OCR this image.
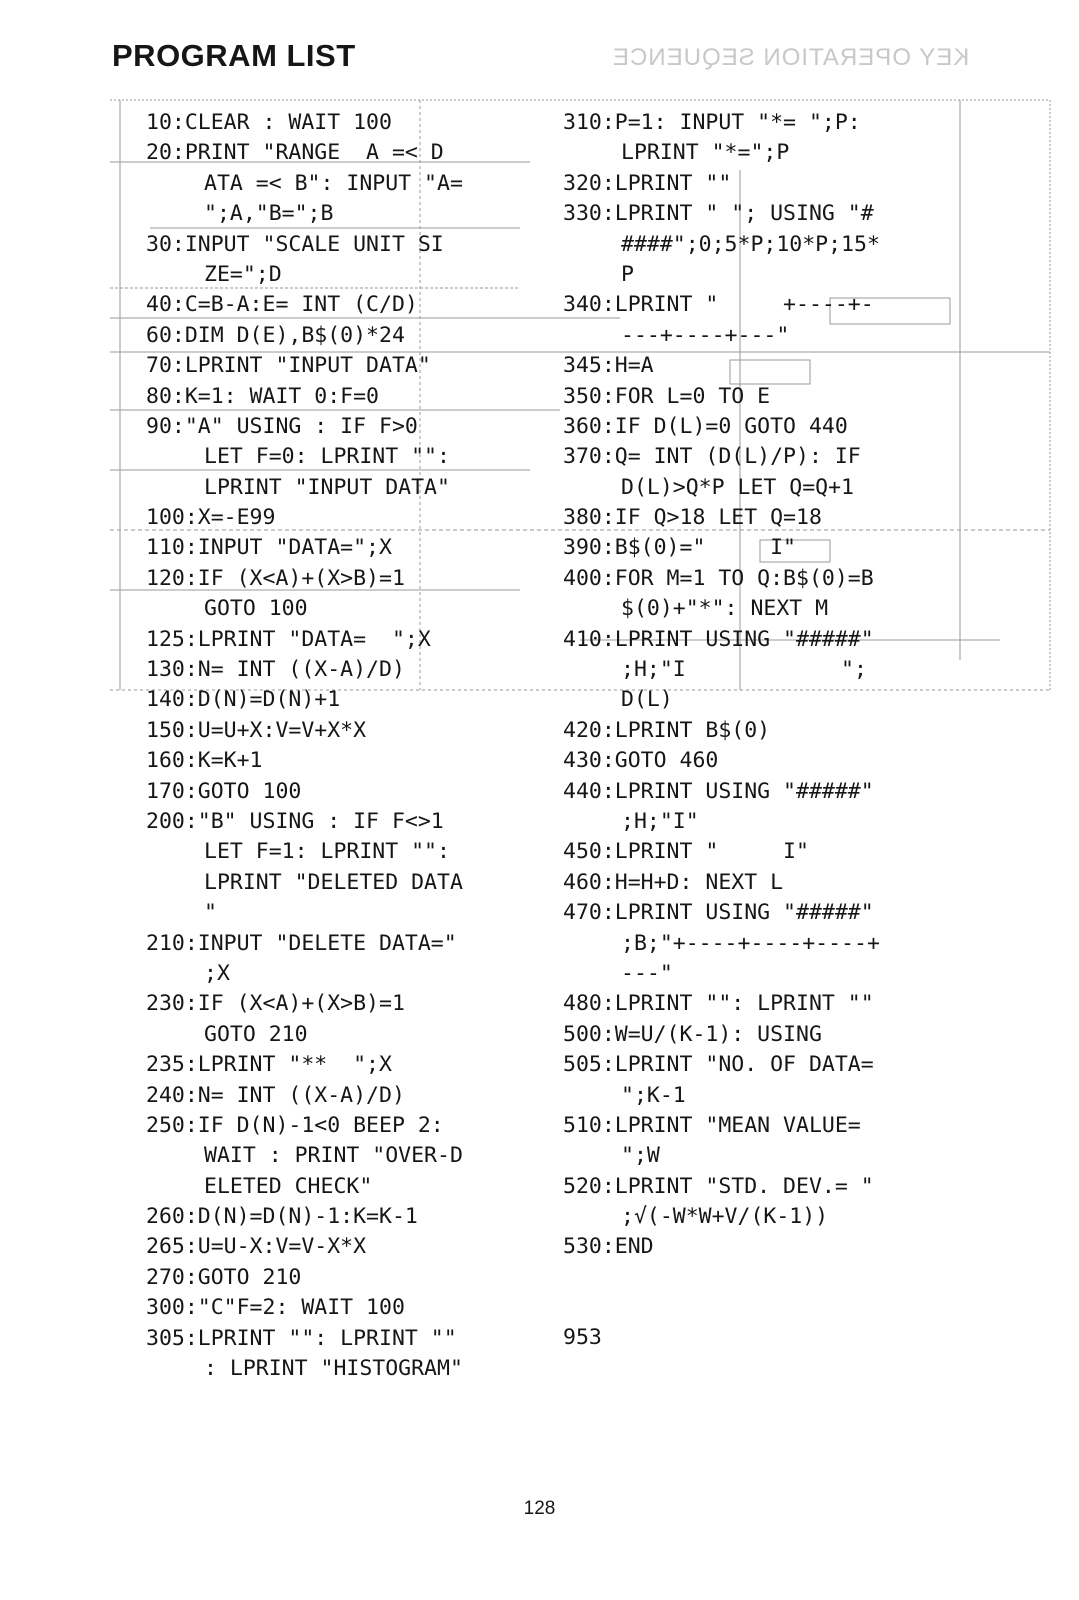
PROGRAM LIST	KEY OPERATION SEQUENCE
10:CLEAR : WAIT 100
20:PRINT "RANGE  A =< D
ATA =< B": INPUT "A=
";A,"B=";B
30:INPUT "SCALE UNIT SI
ZE=";D
40:C=B-A:E= INT (C/D)
60:DIM D(E),B$(0)*24
70:LPRINT "INPUT DATA"
80:K=1: WAIT 0:F=0
90:"A" USING : IF F>0
LET F=0: LPRINT "":
LPRINT "INPUT DATA"
100:X=-E99
110:INPUT "DATA=";X
120:IF (X<A)+(X>B)=1
GOTO 100
125:LPRINT "DATA=  ";X
130:N= INT ((X-A)/D)
140:D(N)=D(N)+1
150:U=U+X:V=V+X*X
160:K=K+1
170:GOTO 100
200:"B" USING : IF F<>1
LET F=1: LPRINT "":
LPRINT "DELETED DATA
"
210:INPUT "DELETE DATA="
;X
230:IF (X<A)+(X>B)=1
GOTO 210
235:LPRINT "**  ";X
240:N= INT ((X-A)/D)
250:IF D(N)-1<0 BEEP 2:
WAIT : PRINT "OVER-D
ELETED CHECK"
260:D(N)=D(N)-1:K=K-1
265:U=U-X:V=V-X*X
270:GOTO 210
300:"C"F=2: WAIT 100
305:LPRINT "": LPRINT ""
: LPRINT "HISTOGRAM"
310:P=1: INPUT "*= ";P:
LPRINT "*=";P
320:LPRINT ""
330:LPRINT " "; USING "#
####";0;5*P;10*P;15*
P
340:LPRINT "     +----+-
---+----+---"
345:H=A
350:FOR L=0 TO E
360:IF D(L)=0 GOTO 440
370:Q= INT (D(L)/P): IF
D(L)>Q*P LET Q=Q+1
380:IF Q>18 LET Q=18
390:B$(0)="     I"
400:FOR M=1 TO Q:B$(0)=B
$(0)+"*": NEXT M
410:LPRINT USING "#####"
;H;"I            ";
D(L)
420:LPRINT B$(0)
430:GOTO 460
440:LPRINT USING "#####"
;H;"I"
450:LPRINT "     I"
460:H=H+D: NEXT L
470:LPRINT USING "#####"
;B;"+----+----+----+
---"
480:LPRINT "": LPRINT ""
500:W=U/(K-1): USING
505:LPRINT "NO. OF DATA=
";K-1
510:LPRINT "MEAN VALUE=
";W
520:LPRINT "STD. DEV.= "
;√(-W*W+V/(K-1))
530:END
953
128
